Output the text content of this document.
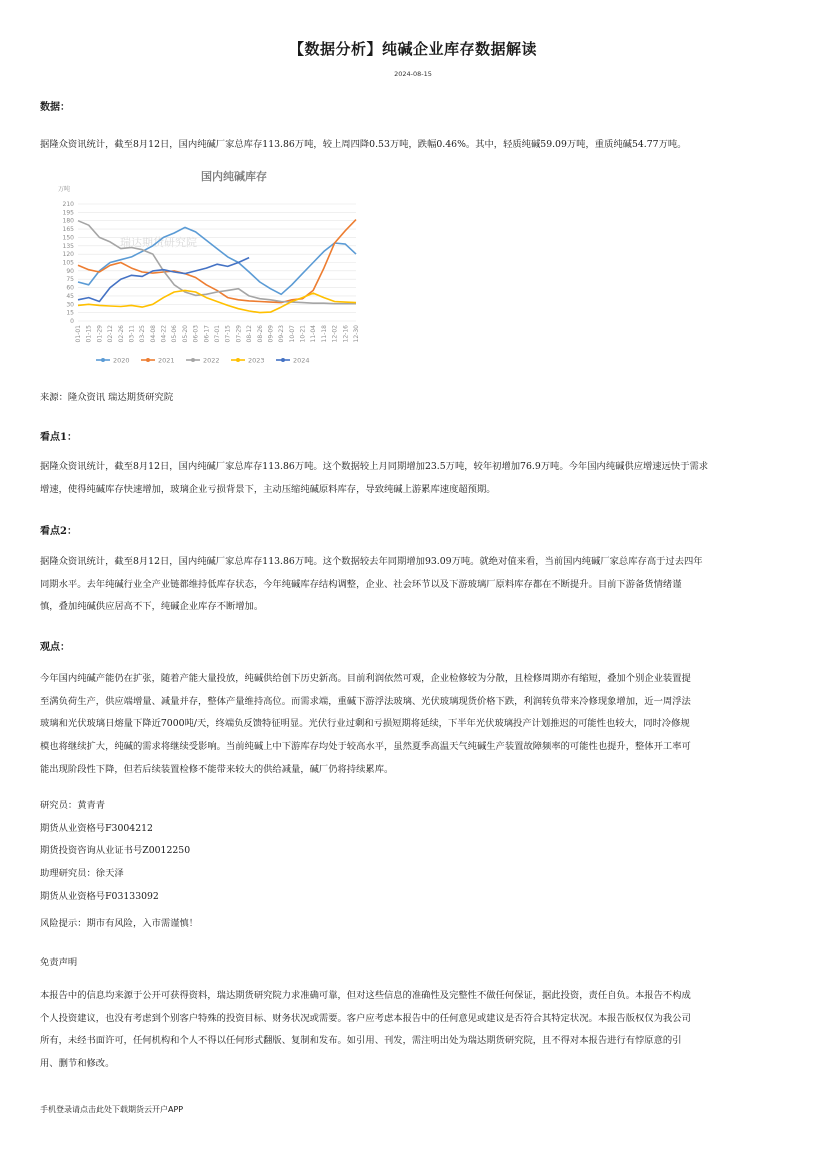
【数据分析】纯碱企业库存数据解读
2024-08-15
数据：
据隆众资讯统计，截至8月12日，国内纯碱厂家总库存113.86万吨，较上周四降0.53万吨，跌幅0.46%。其中，轻质纯碱59.09万吨，重质纯碱54.77万吨。
国内纯碱库存
万吨
瑞达期货研究院
0
15
30
45
60
75
90
105
120
135
150
165
180
195
210
01-01 01-15 01-29 02-12 02-26 03-11 03-25 04-08 04-22 05-06 05-20 06-03 06-17 07-01 07-15 07-29 08-12 08-26 09-09 09-23 10-07 10-21 11-04 11-18 12-02 12-16 12-30
2020	2021	2022	2023	2024
来源：隆众资讯 瑞达期货研究院
看点1：
据隆众资讯统计，截至8月12日，国内纯碱厂家总库存113.86万吨。这个数据较上月同期增加23.5万吨，较年初增加76.9万吨。今年国内纯碱供应增速远快于需求
增速，使得纯碱库存快速增加，玻璃企业亏损背景下，主动压缩纯碱原料库存，导致纯碱上游累库速度超预期。
看点2：
据隆众资讯统计，截至8月12日，国内纯碱厂家总库存113.86万吨。这个数据较去年同期增加93.09万吨。就绝对值来看，当前国内纯碱厂家总库存高于过去四年
同期水平。去年纯碱行业全产业链都维持低库存状态，今年纯碱库存结构调整，企业、社会环节以及下游玻璃厂原料库存都在不断提升。目前下游备货情绪谨
慎，叠加纯碱供应居高不下，纯碱企业库存不断增加。
观点：
今年国内纯碱产能仍在扩张，随着产能大量投放，纯碱供给创下历史新高。目前利润依然可观，企业检修较为分散，且检修周期亦有缩短，叠加个别企业装置提
至满负荷生产，供应端增量、减量并存，整体产量维持高位。而需求端，重碱下游浮法玻璃、光伏玻璃现货价格下跌，利润转负带来冷修现象增加，近一周浮法
玻璃和光伏玻璃日熔量下降近7000吨/天，终端负反馈特征明显。光伏行业过剩和亏损短期将延续，下半年光伏玻璃投产计划推迟的可能性也较大，同时冷修规
模也将继续扩大，纯碱的需求将继续受影响。当前纯碱上中下游库存均处于较高水平，虽然夏季高温天气纯碱生产装置故障频率的可能性也提升，整体开工率可
能出现阶段性下降，但若后续装置检修不能带来较大的供给减量，碱厂仍将持续累库。
研究员：黄青青
期货从业资格号F3004212
期货投资咨询从业证书号Z0012250
助理研究员：徐天泽
期货从业资格号F03133092
风险提示：期市有风险，入市需谨慎！
免责声明
本报告中的信息均来源于公开可获得资料，瑞达期货研究院力求准确可靠，但对这些信息的准确性及完整性不做任何保证，据此投资，责任自负。本报告不构成
个人投资建议，也没有考虑到个别客户特殊的投资目标、财务状况或需要。客户应考虑本报告中的任何意见或建议是否符合其特定状况。本报告版权仅为我公司
所有，未经书面许可，任何机构和个人不得以任何形式翻版、复制和发布。如引用、刊发，需注明出处为瑞达期货研究院，且不得对本报告进行有悖原意的引
用、删节和修改。
手机登录请点击此处下载期货云开户APP
